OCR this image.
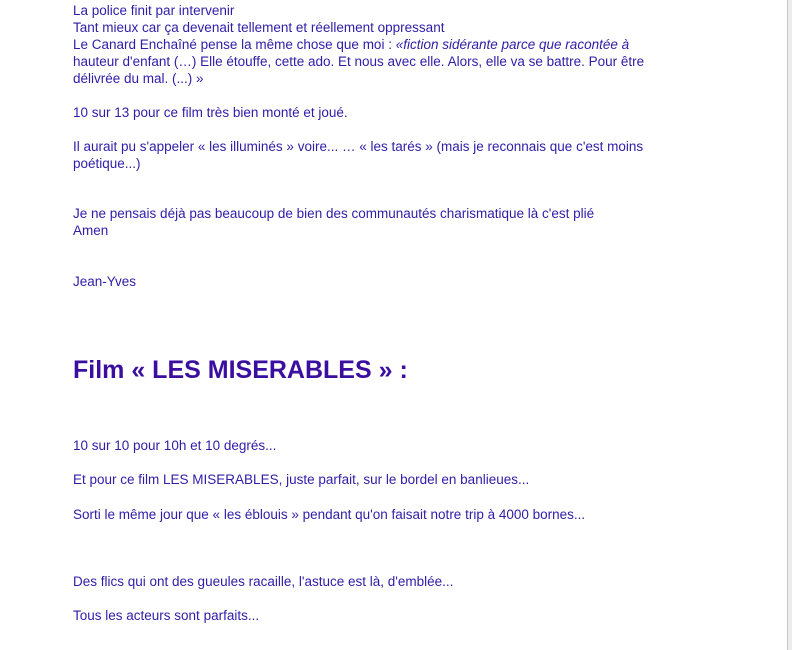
La police finit par intervenir

Tant mieux car ça devenait tellement et réellement oppressant

Le Canard Enchaîné pense la même chose que moi : «fiction sidérante parce que racontée à

hauteur d'enfant (…) Elle étouffe, cette ado. Et nous avec elle. Alors, elle va se battre. Pour être

délivrée du mal. (...) »

10 sur 13 pour ce film très bien monté et joué.

Il aurait pu s'appeler « les illuminés » voire... … « les tarés » (mais je reconnais que c'est moins

poétique...)

Je ne pensais déjà pas beaucoup de bien des communautés charismatique là c'est plié

Amen

Jean-Yves

Film « LES MISERABLES » :

10 sur 10 pour 10h et 10 degrés...

Et pour ce film LES MISERABLES, juste parfait, sur le bordel en banlieues...

Sorti le même jour que « les éblouis » pendant qu'on faisait notre trip à 4000 bornes...

Des flics qui ont des gueules racaille, l'astuce est là, d'emblée...

Tous les acteurs sont parfaits...
